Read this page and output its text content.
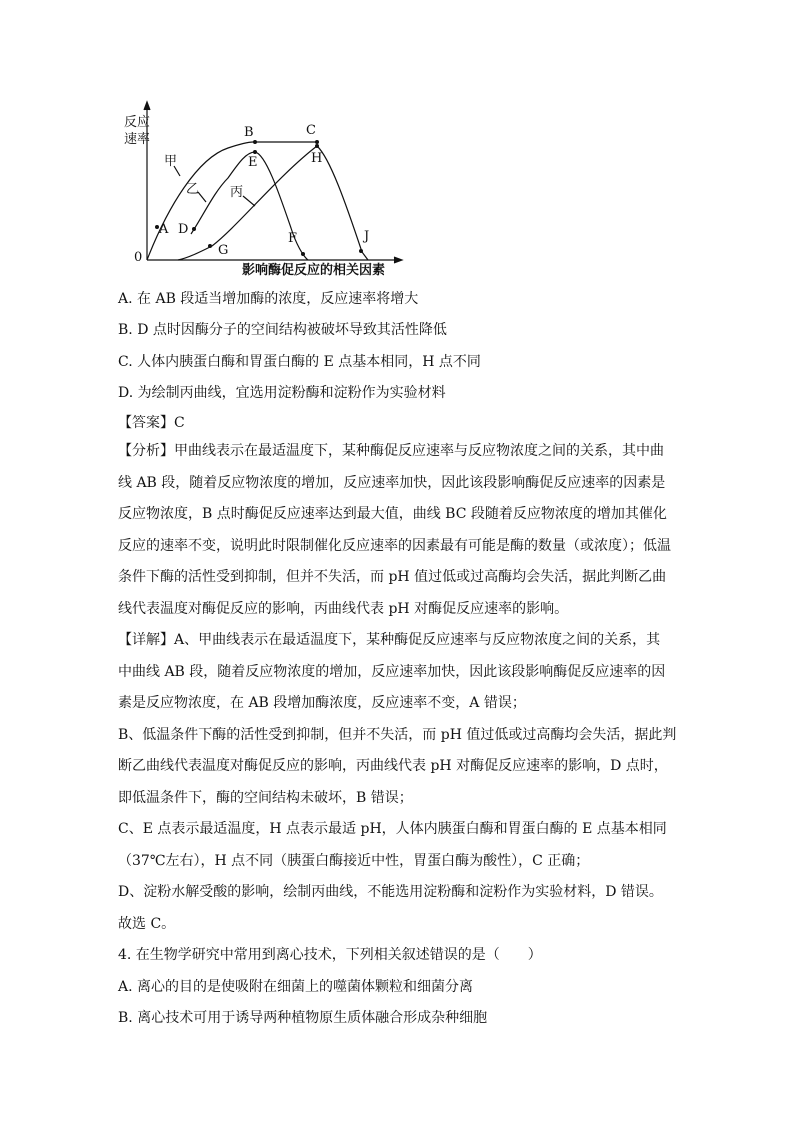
反应
速率
0
影响酶促反应的相关因素
甲
乙 丙
A
B	C
D
E
F
G
H
J
A. 在 AB 段适当增加酶的浓度，反应速率将增大
B. D 点时因酶分子的空间结构被破坏导致其活性降低
C. 人体内胰蛋白酶和胃蛋白酶的 E 点基本相同，H 点不同
D. 为绘制丙曲线，宜选用淀粉酶和淀粉作为实验材料
【答案】C

【分析】甲曲线表示在最适温度下，某种酶促反应速率与反应物浓度之间的关系，其中曲

线 AB 段，随着反应物浓度的增加，反应速率加快，因此该段影响酶促反应速率的因素是

反应物浓度，B 点时酶促反应速率达到最大值，曲线 BC 段随着反应物浓度的增加其催化

反应的速率不变，说明此时限制催化反应速率的因素最有可能是酶的数量（或浓度）；低温

条件下酶的活性受到抑制，但并不失活，而 pH 值过低或过高酶均会失活，据此判断乙曲

线代表温度对酶促反应的影响，丙曲线代表 pH 对酶促反应速率的影响。

【详解】A、甲曲线表示在最适温度下，某种酶促反应速率与反应物浓度之间的关系，其

中曲线 AB 段，随着反应物浓度的增加，反应速率加快，因此该段影响酶促反应速率的因

素是反应物浓度，在 AB 段增加酶浓度，反应速率不变，A 错误；

B、低温条件下酶的活性受到抑制，但并不失活，而 pH 值过低或过高酶均会失活，据此判

断乙曲线代表温度对酶促反应的影响，丙曲线代表 pH 对酶促反应速率的影响，D 点时，

即低温条件下，酶的空间结构未破坏，B 错误；

C、E 点表示最适温度，H 点表示最适 pH，人体内胰蛋白酶和胃蛋白酶的 E 点基本相同

（37℃左右），H 点不同（胰蛋白酶接近中性，胃蛋白酶为酸性），C 正确；

D、淀粉水解受酸的影响，绘制丙曲线，不能选用淀粉酶和淀粉作为实验材料，D 错误。

故选 C。

4. 在生物学研究中常用到离心技术，下列相关叙述错误的是（　　）

A. 离心的目的是使吸附在细菌上的噬菌体颗粒和细菌分离

B. 离心技术可用于诱导两种植物原生质体融合形成杂种细胞
